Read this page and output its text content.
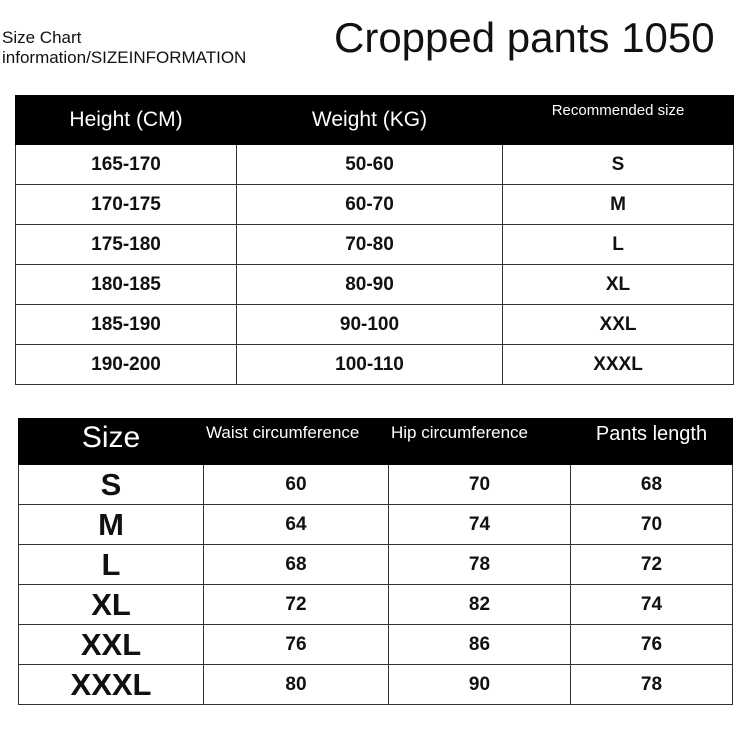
Size Chart
information/SIZEINFORMATION Cropped pants 1050
Height (CM)	Weight (KG)	Recommended size
165-170	50-60	S
170-175	60-70	M
175-180	70-80	L
180-185	80-90	XL
185-190	90-100	XXL
190-200	100-110	XXXL
Size	Waist circumference	Hip circumference	Pants length
S	60	70	68
M	64	74	70
L	68	78	72
XL	72	82	74
XXL	76	86	76
XXXL	80	90	78
